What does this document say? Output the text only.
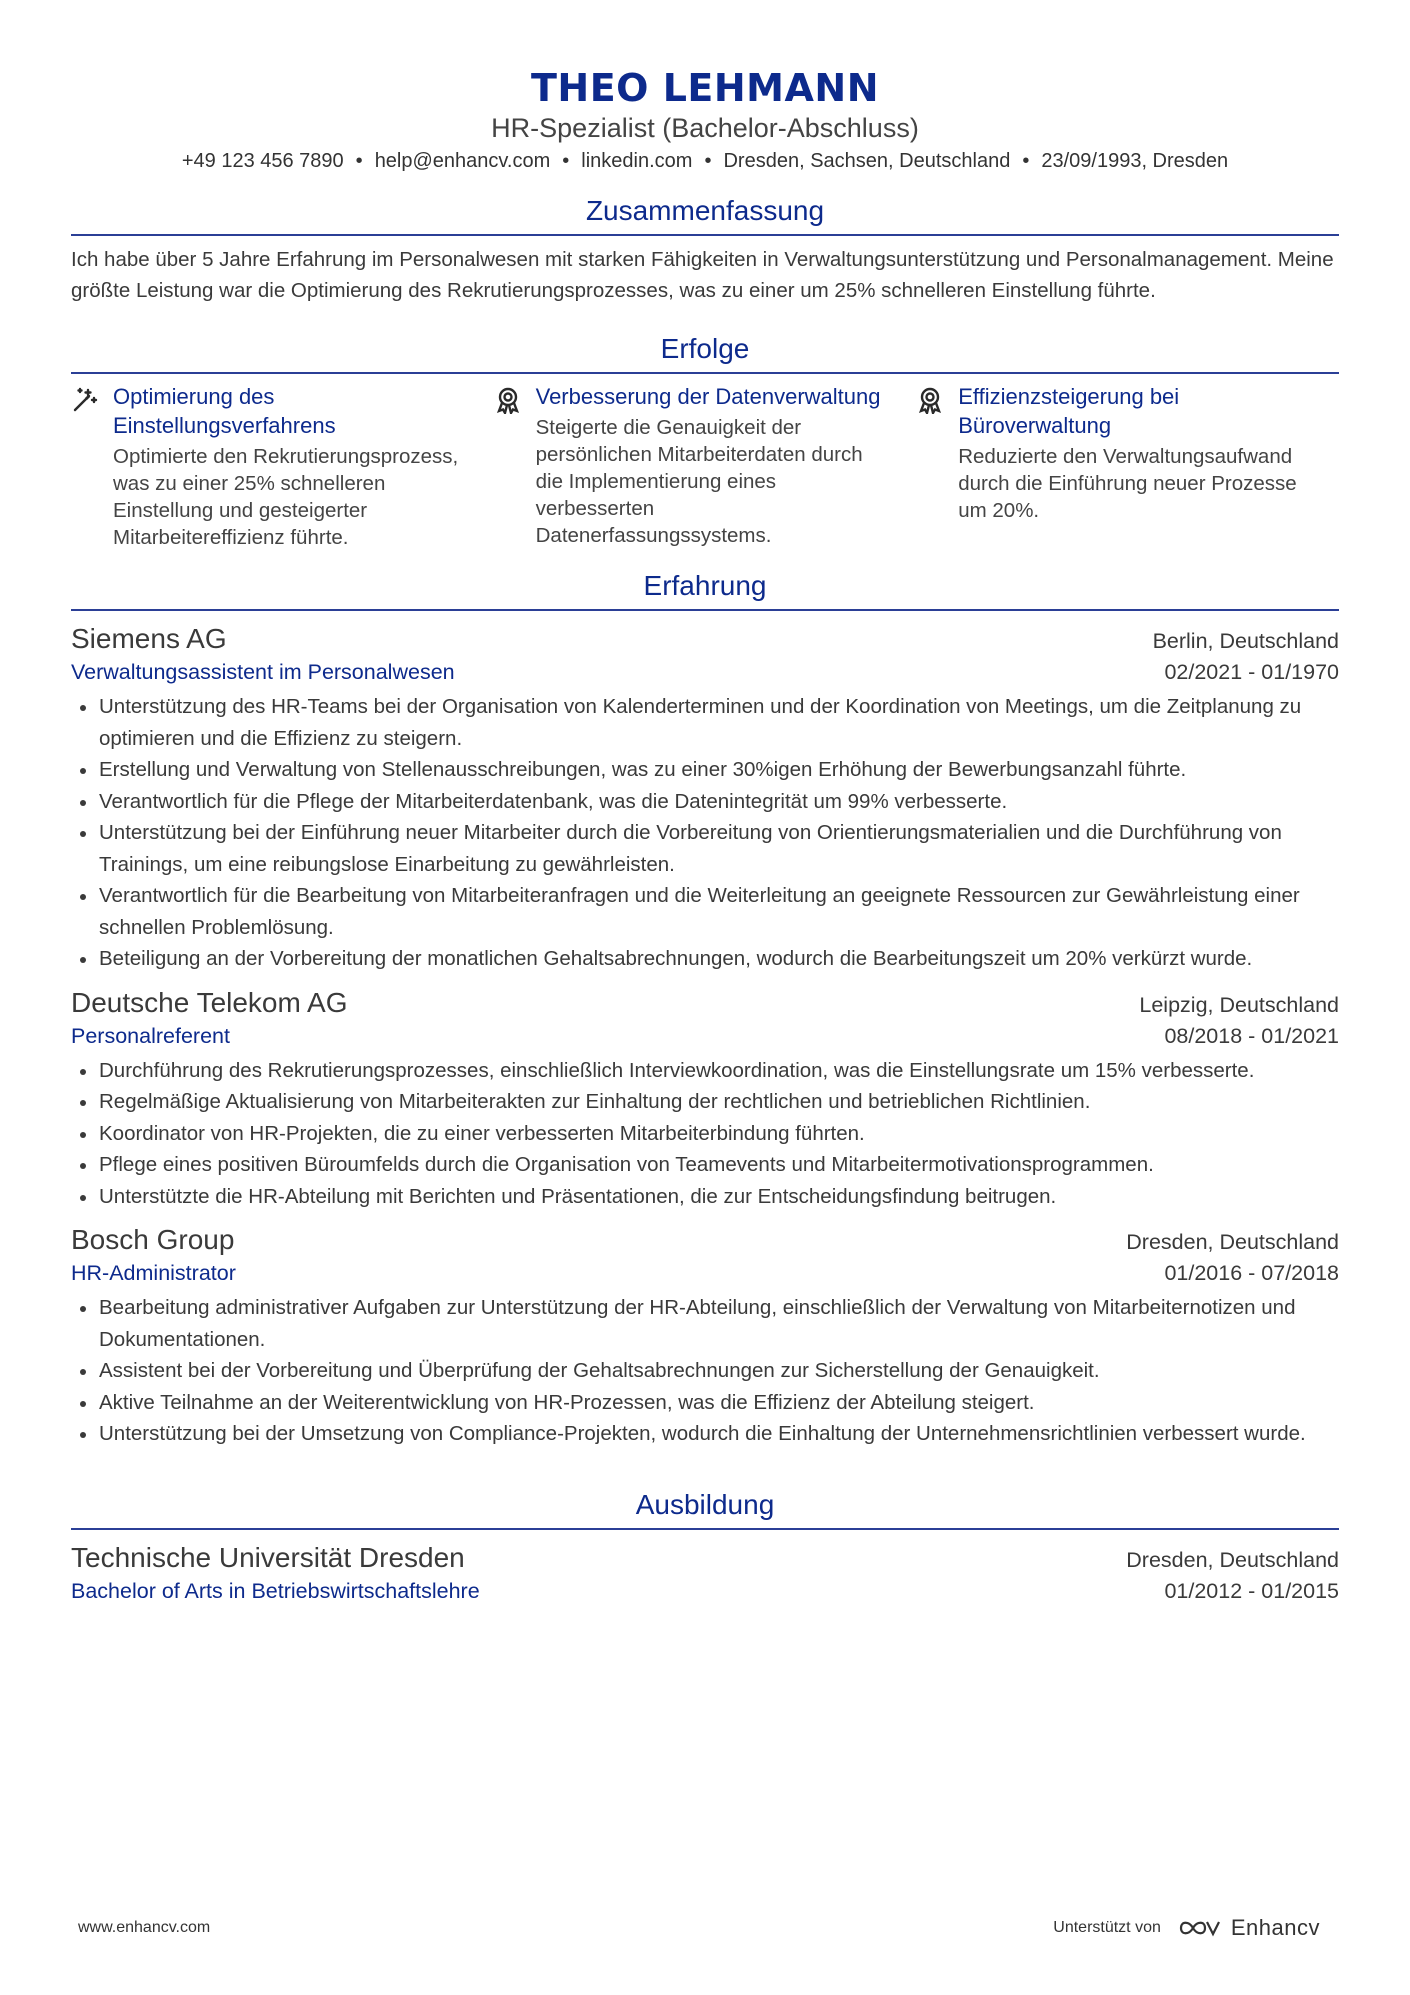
THEO LEHMANN
HR-Spezialist (Bachelor-Abschluss)
+49 123 456 7890 • help@enhancv.com • linkedin.com • Dresden, Sachsen, Deutschland • 23/09/1993, Dresden
Zusammenfassung

Ich habe über 5 Jahre Erfahrung im Personalwesen mit starken Fähigkeiten in Verwaltungsunterstützung und Personalmanagement. Meine größte Leistung war die Optimierung des Rekrutierungsprozesses, was zu einer um 25% schnelleren Einstellung führte.

Erfolge
Optimierung des Einstellungsverfahrens
Optimierte den Rekrutierungsprozess, was zu einer 25% schnelleren Einstellung und gesteigerter Mitarbeitereffizienz führte.
Verbesserung der Datenverwaltung
Steigerte die Genauigkeit der persönlichen Mitarbeiterdaten durch die Implementierung eines verbesserten Datenerfassungssystems.
Effizienzsteigerung bei Büroverwaltung
Reduzierte den Verwaltungsaufwand durch die Einführung neuer Prozesse um 20%.
Erfahrung
Siemens AG	Berlin, Deutschland
Verwaltungsassistent im Personalwesen	02/2021 - 01/1970
Unterstützung des HR-Teams bei der Organisation von Kalenderterminen und der Koordination von Meetings, um die Zeitplanung zu optimieren und die Effizienz zu steigern.
Erstellung und Verwaltung von Stellenausschreibungen, was zu einer 30%igen Erhöhung der Bewerbungsanzahl führte.
Verantwortlich für die Pflege der Mitarbeiterdatenbank, was die Datenintegrität um 99% verbesserte.
Unterstützung bei der Einführung neuer Mitarbeiter durch die Vorbereitung von Orientierungsmaterialien und die Durchführung von Trainings, um eine reibungslose Einarbeitung zu gewährleisten.
Verantwortlich für die Bearbeitung von Mitarbeiteranfragen und die Weiterleitung an geeignete Ressourcen zur Gewährleistung einer schnellen Problemlösung.
Beteiligung an der Vorbereitung der monatlichen Gehaltsabrechnungen, wodurch die Bearbeitungszeit um 20% verkürzt wurde.
Deutsche Telekom AG	Leipzig, Deutschland
Personalreferent	08/2018 - 01/2021
Durchführung des Rekrutierungsprozesses, einschließlich Interviewkoordination, was die Einstellungsrate um 15% verbesserte.
Regelmäßige Aktualisierung von Mitarbeiterakten zur Einhaltung der rechtlichen und betrieblichen Richtlinien.
Koordinator von HR-Projekten, die zu einer verbesserten Mitarbeiterbindung führten.
Pflege eines positiven Büroumfelds durch die Organisation von Teamevents und Mitarbeitermotivationsprogrammen.
Unterstützte die HR-Abteilung mit Berichten und Präsentationen, die zur Entscheidungsfindung beitrugen.
Bosch Group	Dresden, Deutschland
HR-Administrator	01/2016 - 07/2018
Bearbeitung administrativer Aufgaben zur Unterstützung der HR-Abteilung, einschließlich der Verwaltung von Mitarbeiternotizen und Dokumentationen.
Assistent bei der Vorbereitung und Überprüfung der Gehaltsabrechnungen zur Sicherstellung der Genauigkeit.
Aktive Teilnahme an der Weiterentwicklung von HR-Prozessen, was die Effizienz der Abteilung steigert.
Unterstützung bei der Umsetzung von Compliance-Projekten, wodurch die Einhaltung der Unternehmensrichtlinien verbessert wurde.
Ausbildung
Technische Universität Dresden	Dresden, Deutschland
Bachelor of Arts in Betriebswirtschaftslehre	01/2012 - 01/2015
www.enhancv.com	Unterstützt von	Enhancv
